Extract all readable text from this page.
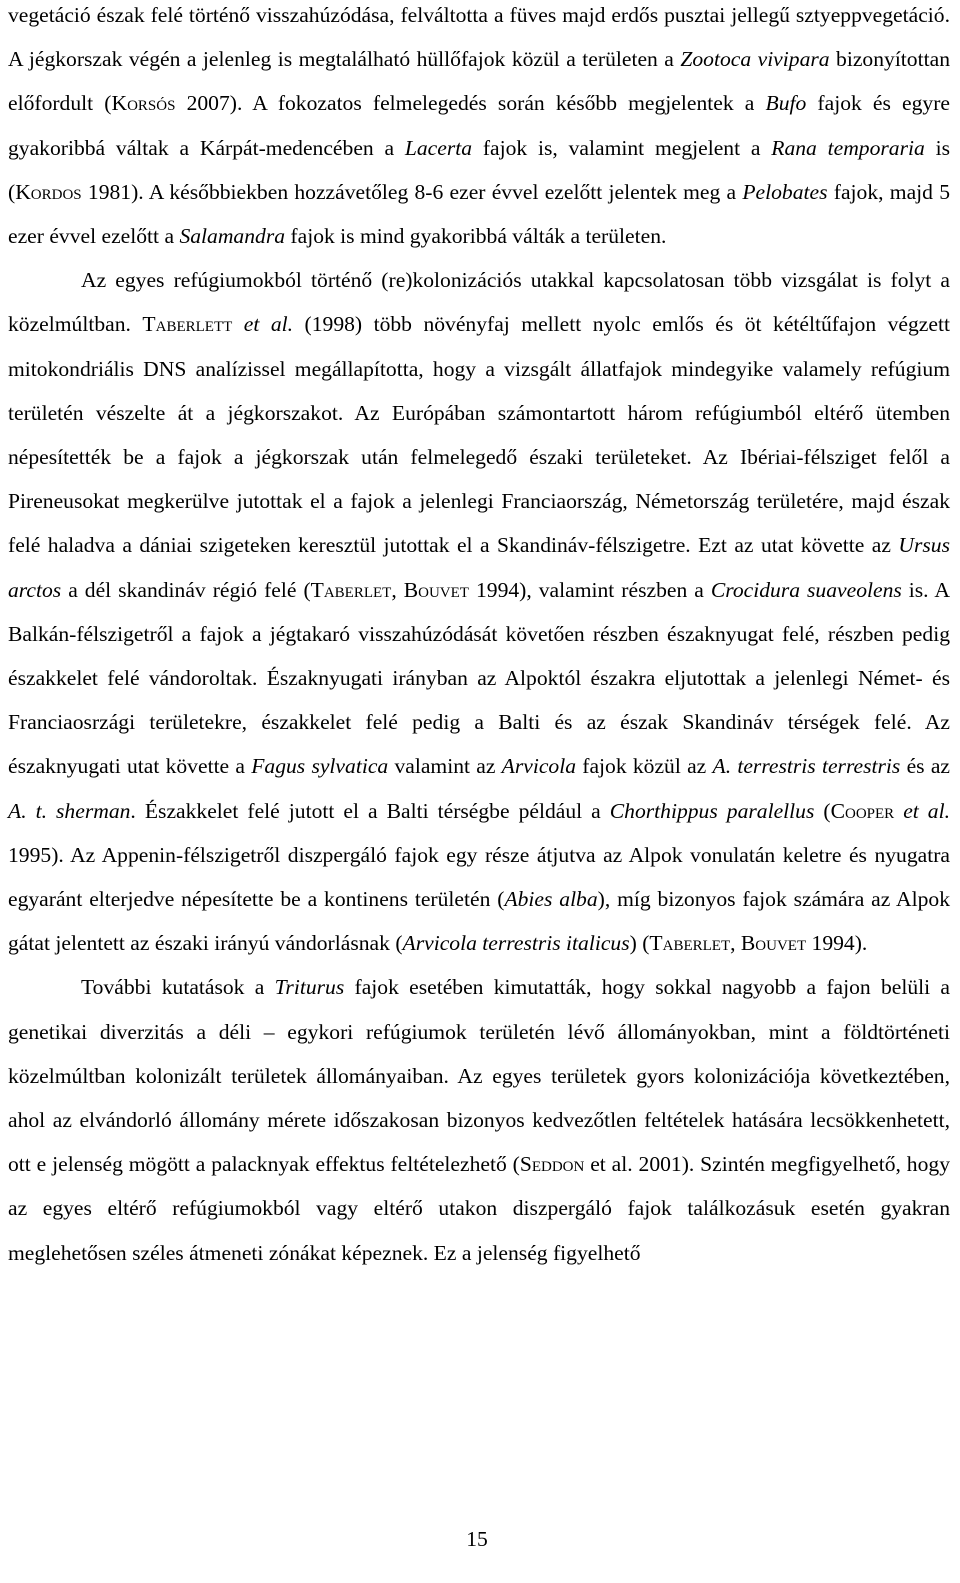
vegetáció észak felé történő visszahúzódása, felváltotta a füves majd erdős pusztai jellegű sztyeppvegetáció. A jégkorszak végén a jelenleg is megtalálható hüllőfajok közül a területen a Zootoca vivipara bizonyítottan előfordult (Korsós 2007). A fokozatos felmelegedés során később megjelentek a Bufo fajok és egyre gyakoribbá váltak a Kárpát-medencében a Lacerta fajok is, valamint megjelent a Rana temporaria is (Kordos 1981). A későbbiekben hozzávetőleg 8-6 ezer évvel ezelőtt jelentek meg a Pelobates fajok, majd 5 ezer évvel ezelőtt a Salamandra fajok is mind gyakoribbá válták a területen.

Az egyes refúgiumokból történő (re)kolonizációs utakkal kapcsolatosan több vizsgálat is folyt a közelmúltban. Taberlett et al. (1998) több növényfaj mellett nyolc emlős és öt kétéltűfajon végzett mitokondriális DNS analízissel megállapította, hogy a vizsgált állatfajok mindegyike valamely refúgium területén vészelte át a jégkorszakot. Az Európában számontartott három refúgiumból eltérő ütemben népesítették be a fajok a jégkorszak után felmelegedő északi területeket. Az Ibériai-félsziget felől a Pireneusokat megkerülve jutottak el a fajok a jelenlegi Franciaország, Németország területére, majd észak felé haladva a dániai szigeteken keresztül jutottak el a Skandináv-félszigetre. Ezt az utat követte az Ursus arctos a dél skandináv régió felé (Taberlet, Bouvet 1994), valamint részben a Crocidura suaveolens is. A Balkán-félszigetről a fajok a jégtakaró visszahúzódását követően részben északnyugat felé, részben pedig északkelet felé vándoroltak. Északnyugati irányban az Alpoktól északra eljutottak a jelenlegi Német- és Franciaosrzági területekre, északkelet felé pedig a Balti és az észak Skandináv térségek felé. Az északnyugati utat követte a Fagus sylvatica valamint az Arvicola fajok közül az A. terrestris terrestris és az A. t. sherman. Északkelet felé jutott el a Balti térségbe például a Chorthippus paralellus (Cooper et al. 1995). Az Appenin-félszigetről diszpergáló fajok egy része átjutva az Alpok vonulatán keletre és nyugatra egyaránt elterjedve népesítette be a kontinens területén (Abies alba), míg bizonyos fajok számára az Alpok gátat jelentett az északi irányú vándorlásnak (Arvicola terrestris italicus) (Taberlet, Bouvet 1994).

További kutatások a Triturus fajok esetében kimutatták, hogy sokkal nagyobb a fajon belüli a genetikai diverzitás a déli – egykori refúgiumok területén lévő állományokban, mint a földtörténeti közelmúltban kolonizált területek állományaiban. Az egyes területek gyors kolonizációja következtében, ahol az elvándorló állomány mérete időszakosan bizonyos kedvezőtlen feltételek hatására lecsökkenhetett, ott e jelenség mögött a palacknyak effektus feltételezhető (Seddon et al. 2001). Szintén megfigyelhető, hogy az egyes eltérő refúgiumokból vagy eltérő utakon diszpergáló fajok találkozásuk esetén gyakran meglehetősen széles átmeneti zónákat képeznek. Ez a jelenség figyelhető

15
